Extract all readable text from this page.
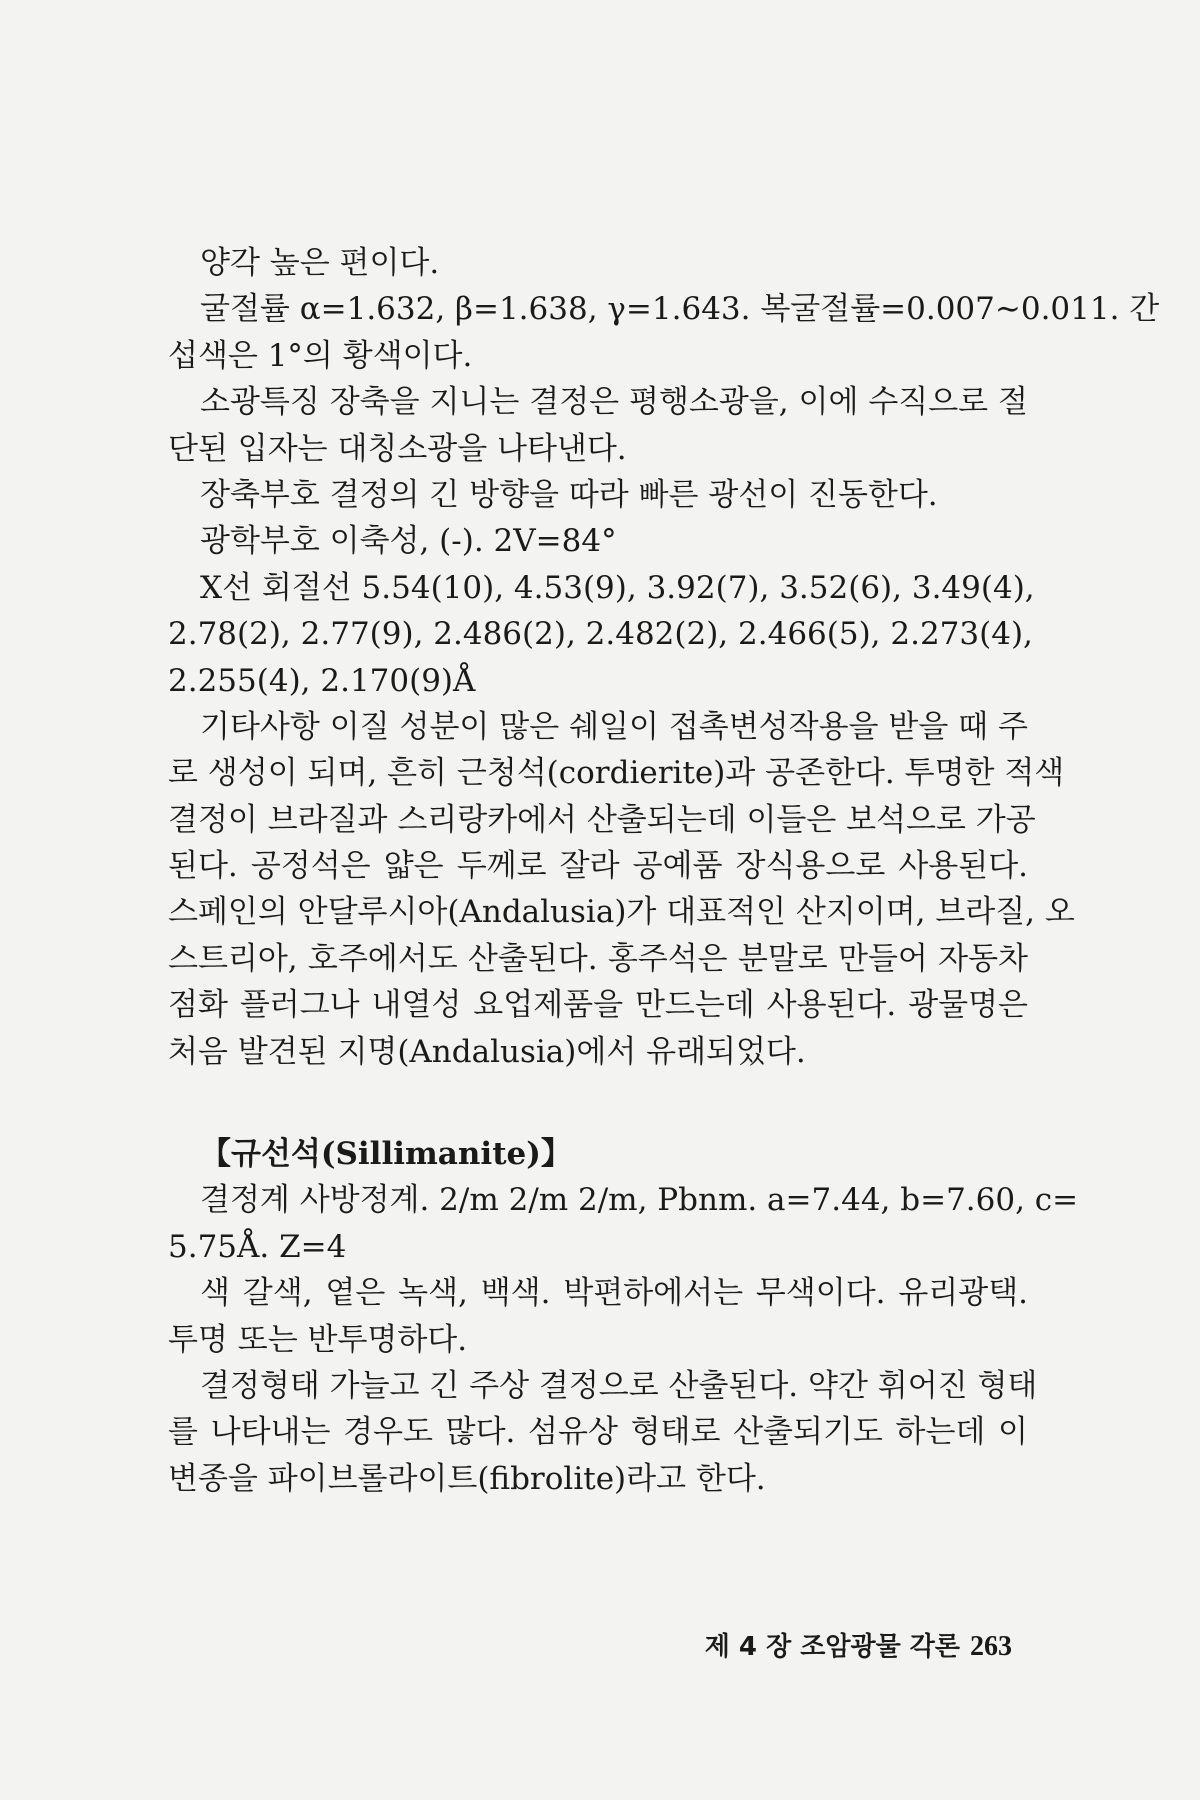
양각 높은 편이다.
굴절률 α=1.632, β=1.638, γ=1.643. 복굴절률=0.007∼0.011. 간
섭색은 1°의 황색이다.
소광특징 장축을 지니는 결정은 평행소광을, 이에 수직으로 절
단된 입자는 대칭소광을 나타낸다.
장축부호 결정의 긴 방향을 따라 빠른 광선이 진동한다.
광학부호 이축성, (-). 2V=84°
X선 회절선 5.54(10), 4.53(9), 3.92(7), 3.52(6), 3.49(4),
2.78(2), 2.77(9), 2.486(2), 2.482(2), 2.466(5), 2.273(4),
2.255(4), 2.170(9)Å
기타사항 이질 성분이 많은 쉐일이 접촉변성작용을 받을 때 주
로 생성이 되며, 흔히 근청석(cordierite)과 공존한다. 투명한 적색
결정이 브라질과 스리랑카에서 산출되는데 이들은 보석으로 가공
된다. 공정석은 얇은 두께로 잘라 공예품 장식용으로 사용된다.
스페인의 안달루시아(Andalusia)가 대표적인 산지이며, 브라질, 오
스트리아, 호주에서도 산출된다. 홍주석은 분말로 만들어 자동차
점화 플러그나 내열성 요업제품을 만드는데 사용된다. 광물명은
처음 발견된 지명(Andalusia)에서 유래되었다.
【규선석(Sillimanite)】
결정계 사방정계. 2/m 2/m 2/m, Pbnm. a=7.44, b=7.60, c=
5.75Å. Z=4
색 갈색, 옅은 녹색, 백색. 박편하에서는 무색이다. 유리광택.
투명 또는 반투명하다.
결정형태 가늘고 긴 주상 결정으로 산출된다. 약간 휘어진 형태
를 나타내는 경우도 많다. 섬유상 형태로 산출되기도 하는데 이
변종을 파이브롤라이트(fibrolite)라고 한다.
제 4 장 조암광물 각론 263
